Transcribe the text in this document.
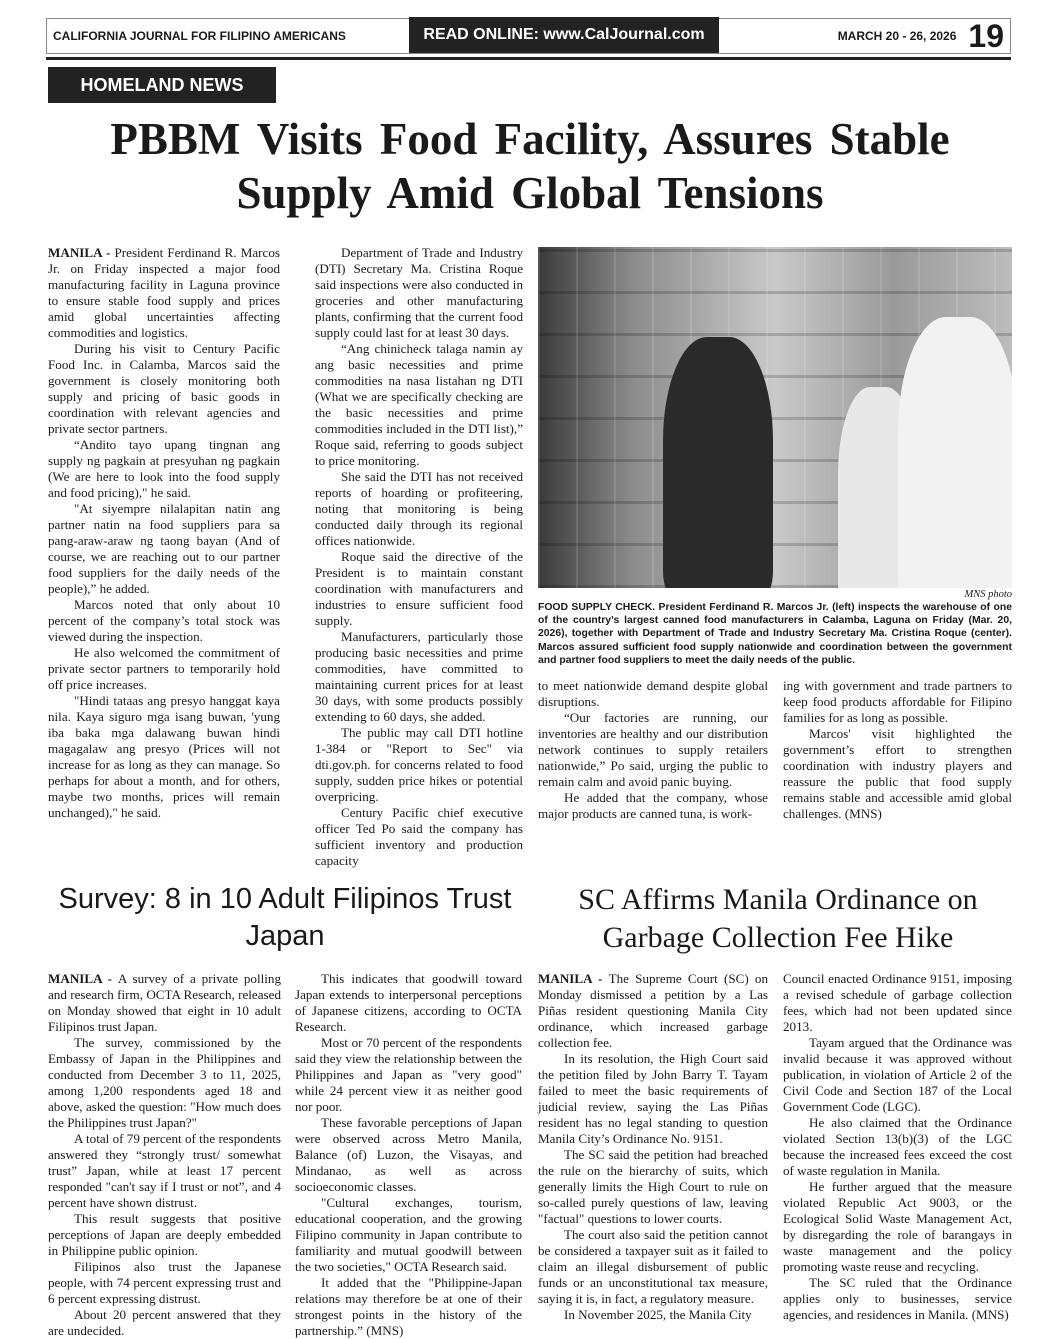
CALIFORNIA JOURNAL FOR FILIPINO AMERICANS	READ ONLINE: www.CalJournal.com	MARCH 20 - 26, 2026 19
HOMELAND NEWS
PBBM Visits Food Facility, Assures Stable Supply Amid Global Tensions

MANILA - President Ferdinand R. Marcos Jr. on Friday inspected a major food manufacturing facility in Laguna province to ensure stable food supply and prices amid global uncertainties affecting commodities and logistics.

During his visit to Century Pacific Food Inc. in Calamba, Marcos said the government is closely monitoring both supply and pricing of basic goods in coordination with relevant agencies and private sector partners.

“Andito tayo upang tingnan ang supply ng pagkain at presyuhan ng pagkain (We are here to look into the food supply and food pricing)," he said.

"At siyempre nilalapitan natin ang partner natin na food suppliers para sa pang-araw-araw ng taong bayan (And of course, we are reaching out to our partner food suppliers for the daily needs of the people),” he added.

Marcos noted that only about 10 percent of the company’s total stock was viewed during the inspection.

He also welcomed the commitment of private sector partners to temporarily hold off price increases.

"Hindi tataas ang presyo hanggat kaya nila. Kaya siguro mga isang buwan, 'yung iba baka mga dalawang buwan hindi magagalaw ang presyo (Prices will not increase for as long as they can manage. So perhaps for about a month, and for others, maybe two months, prices will remain unchanged)," he said.

Department of Trade and Industry (DTI) Secretary Ma. Cristina Roque said inspections were also conducted in groceries and other manufacturing plants, confirming that the current food supply could last for at least 30 days.

“Ang chinicheck talaga namin ay ang basic necessities and prime commodities na nasa listahan ng DTI (What we are specifically checking are the basic necessities and prime commodities included in the DTI list),” Roque said, referring to goods subject to price monitoring.

She said the DTI has not received reports of hoarding or profiteering, noting that monitoring is being conducted daily through its regional offices nationwide.

Roque said the directive of the President is to maintain constant coordination with manufacturers and industries to ensure sufficient food supply.

Manufacturers, particularly those producing basic necessities and prime commodities, have committed to maintaining current prices for at least 30 days, with some products possibly extending to 60 days, she added.

The public may call DTI hotline 1-384 or "Report to Sec" via dti.gov.ph. for concerns related to food supply, sudden price hikes or potential overpricing.

Century Pacific chief executive officer Ted Po said the company has sufficient inventory and production capacity

MNS photo
FOOD SUPPLY CHECK. President Ferdinand R. Marcos Jr. (left) inspects the warehouse of one of the country’s largest canned food manufacturers in Calamba, Laguna on Friday (Mar. 20, 2026), together with Department of Trade and Industry Secretary Ma. Cristina Roque (center). Marcos assured sufficient food supply nationwide and coordination between the government and partner food suppliers to meet the daily needs of the public.

to meet nationwide demand despite global disruptions.

“Our factories are running, our inventories are healthy and our distribution network continues to supply retailers nationwide,” Po said, urging the public to remain calm and avoid panic buying.

He added that the company, whose major products are canned tuna, is work-

ing with government and trade partners to keep food products affordable for Filipino families for as long as possible.

Marcos' visit highlighted the government’s effort to strengthen coordination with industry players and reassure the public that food supply remains stable and accessible amid global challenges. (MNS)

Survey: 8 in 10 Adult Filipinos Trust Japan
SC Affirms Manila Ordinance on Garbage Collection Fee Hike

MANILA - A survey of a private polling and research firm, OCTA Research, released on Monday showed that eight in 10 adult Filipinos trust Japan.

The survey, commissioned by the Embassy of Japan in the Philippines and conducted from December 3 to 11, 2025, among 1,200 respondents aged 18 and above, asked the question: "How much does the Philippines trust Japan?"

A total of 79 percent of the respondents answered they “strongly trust/ somewhat trust” Japan, while at least 17 percent responded "can't say if I trust or not”, and 4 percent have shown distrust.

This result suggests that positive perceptions of Japan are deeply embedded in Philippine public opinion.

Filipinos also trust the Japanese people, with 74 percent expressing trust and 6 percent expressing distrust.

About 20 percent answered that they are undecided.

This indicates that goodwill toward Japan extends to interpersonal perceptions of Japanese citizens, according to OCTA Research.

Most or 70 percent of the respondents said they view the relationship between the Philippines and Japan as "very good" while 24 percent view it as neither good nor poor.

These favorable perceptions of Japan were observed across Metro Manila, Balance (of) Luzon, the Visayas, and Mindanao, as well as across socioeconomic classes.

"Cultural exchanges, tourism, educational cooperation, and the growing Filipino community in Japan contribute to familiarity and mutual goodwill between the two societies," OCTA Research said.

It added that the "Philippine-Japan relations may therefore be at one of their strongest points in the history of the partnership.” (MNS)

MANILA - The Supreme Court (SC) on Monday dismissed a petition by a Las Piñas resident questioning Manila City ordinance, which increased garbage collection fee.

In its resolution, the High Court said the petition filed by John Barry T. Tayam failed to meet the basic requirements of judicial review, saying the Las Piñas resident has no legal standing to question Manila City’s Ordinance No. 9151.

The SC said the petition had breached the rule on the hierarchy of suits, which generally limits the High Court to rule on so-called purely questions of law, leaving "factual" questions to lower courts.

The court also said the petition cannot be considered a taxpayer suit as it failed to claim an illegal disbursement of public funds or an unconstitutional tax measure, saying it is, in fact, a regulatory measure.

In November 2025, the Manila City

Council enacted Ordinance 9151, imposing a revised schedule of garbage collection fees, which had not been updated since 2013.

Tayam argued that the Ordinance was invalid because it was approved without publication, in violation of Article 2 of the Civil Code and Section 187 of the Local Government Code (LGC).

He also claimed that the Ordinance violated Section 13(b)(3) of the LGC because the increased fees exceed the cost of waste regulation in Manila.

He further argued that the measure violated Republic Act 9003, or the Ecological Solid Waste Management Act, by disregarding the role of barangays in waste management and the policy promoting waste reuse and recycling.

The SC ruled that the Ordinance applies only to businesses, service agencies, and residences in Manila. (MNS)
